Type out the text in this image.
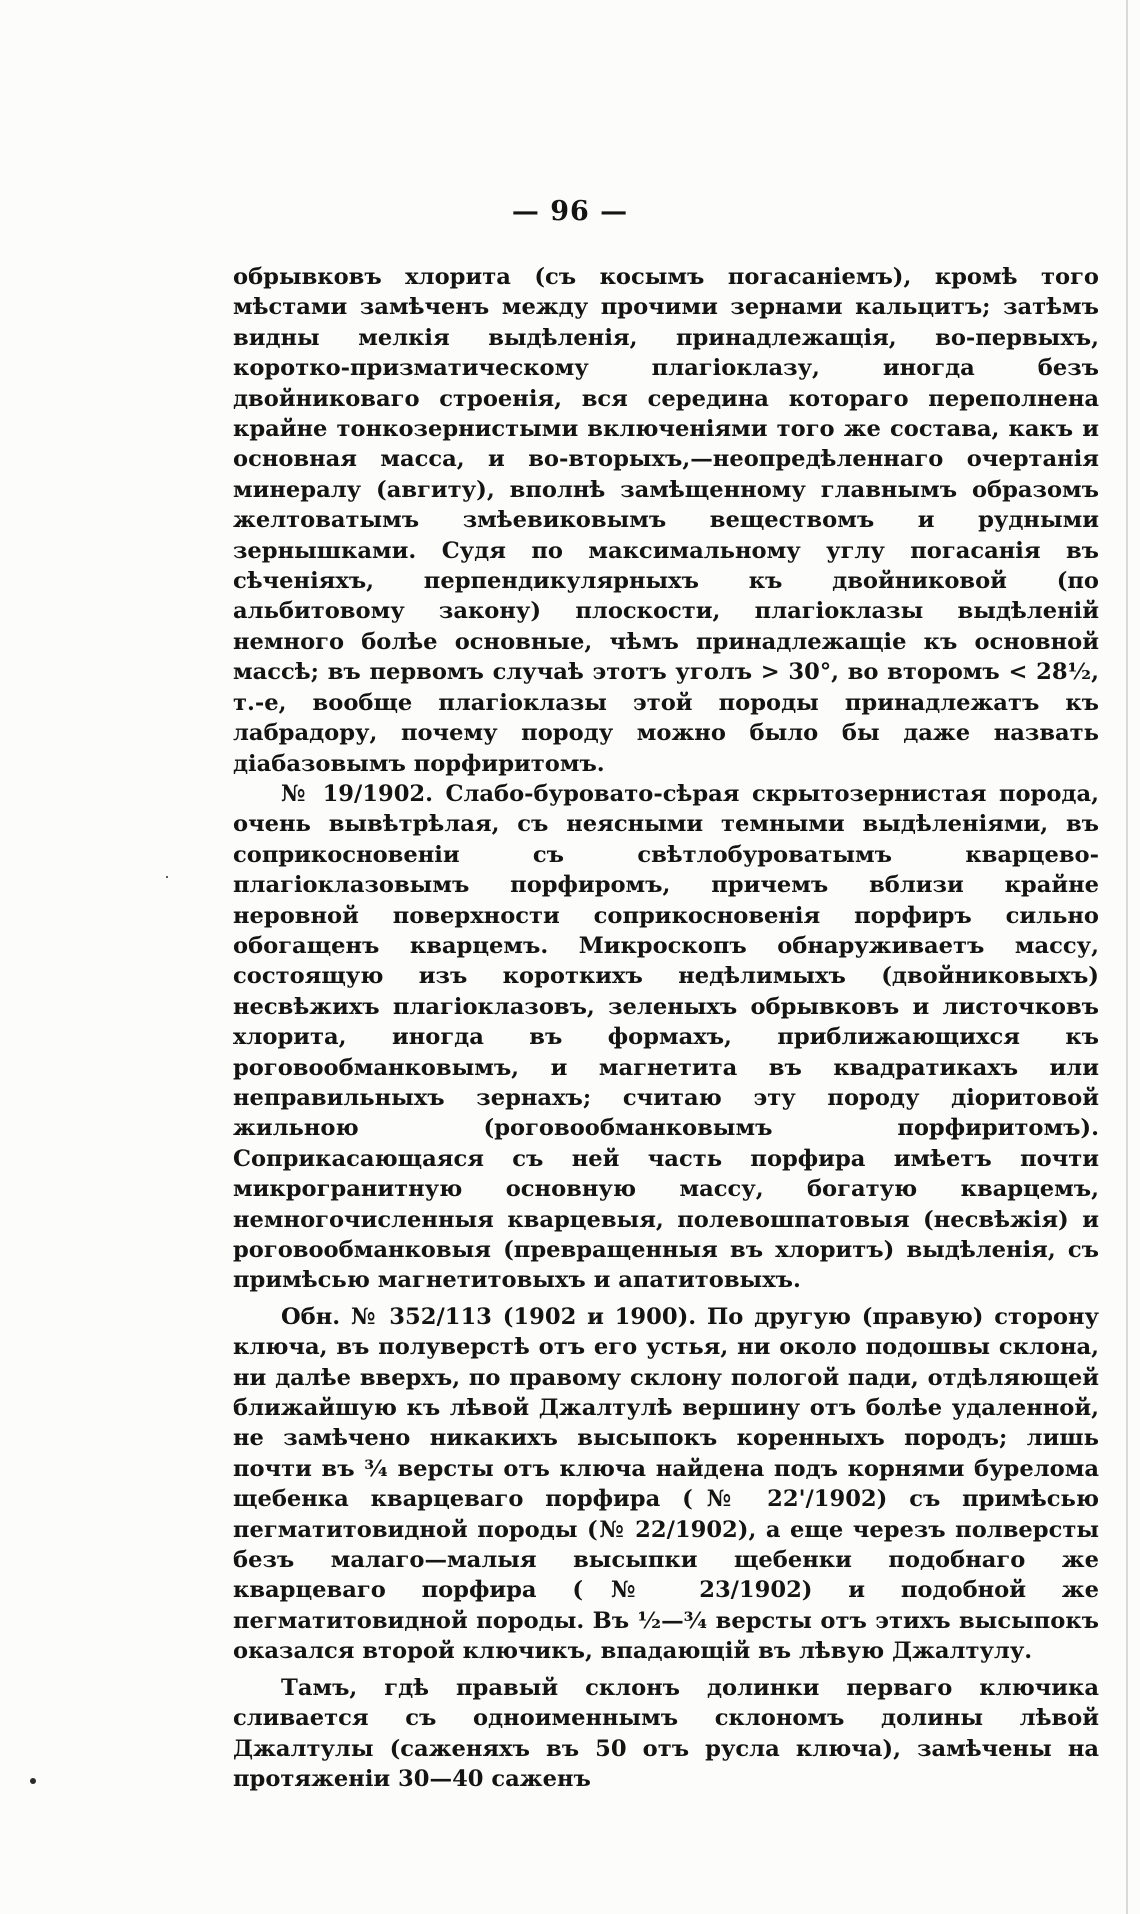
— 96 —

обрывковъ хлорита (съ косымъ погасаніемъ), кромѣ того мѣстами замѣченъ между прочими зернами кальцитъ; затѣмъ видны мелкія выдѣленія, принадлежащія, во-первыхъ, коротко-призматическому плагіоклазу, иногда безъ двойниковаго строенія, вся середина котораго переполнена крайне тонкозернистыми включеніями того же состава, какъ и основная масса, и во-вторыхъ,—неопредѣленнаго очертанія минералу (авгиту), вполнѣ замѣщенному главнымъ образомъ желтоватымъ змѣевиковымъ веществомъ и рудными зернышками. Судя по максимальному углу погасанія въ сѣченіяхъ, перпендикулярныхъ къ двойниковой (по альбитовому закону) плоскости, плагіоклазы выдѣленій немного болѣе основные, чѣмъ принадлежащіе къ основной массѣ; въ первомъ случаѣ этотъ уголъ > 30°, во второмъ < 28½, т.-е, вообще плагіоклазы этой породы принадлежатъ къ лабрадору, почему породу можно было бы даже назвать діабазовымъ порфиритомъ.

№ 19/1902. Слабо-буровато-сѣрая скрытозернистая порода, очень вывѣтрѣлая, съ неясными темными выдѣленіями, въ соприкосновеніи съ свѣтлобуроватымъ кварцево-плагіоклазовымъ порфиромъ, причемъ вблизи крайне неровной поверхности соприкосновенія порфиръ сильно обогащенъ кварцемъ. Микроскопъ обнаруживаетъ массу, состоящую изъ короткихъ недѣлимыхъ (двойниковыхъ) несвѣжихъ плагіоклазовъ, зеленыхъ обрывковъ и листочковъ хлорита, иногда въ формахъ, приближающихся къ роговообманковымъ, и магнетита въ квадратикахъ или неправильныхъ зернахъ; считаю эту породу діоритовой жильною (роговообманковымъ порфиритомъ). Соприкасающаяся съ ней часть порфира имѣетъ почти микрогранитную основную массу, богатую кварцемъ, немногочисленныя кварцевыя, полевошпатовыя (несвѣжія) и роговообманковыя (превращенныя въ хлоритъ) выдѣленія, съ примѣсью магнетитовыхъ и апатитовыхъ.

Обн. № 352/113 (1902 и 1900). По другую (правую) сторону ключа, въ полуверстѣ отъ его устья, ни около подошвы склона, ни далѣе вверхъ, по правому склону пологой пади, отдѣляющей ближайшую къ лѣвой Джалтулѣ вершину отъ болѣе удаленной, не замѣчено никакихъ высыпокъ коренныхъ породъ; лишь почти въ ¾ версты отъ ключа найдена подъ корнями бурелома щебенка кварцеваго порфира (№ 22'/1902) съ примѣсью пегматитовидной породы (№ 22/1902), а еще черезъ полверсты безъ малаго—малыя высыпки щебенки подобнаго же кварцеваго порфира (№ 23/1902) и подобной же пегматитовидной породы. Въ ½—¾ версты отъ этихъ высыпокъ оказался второй ключикъ, впадающій въ лѣвую Джалтулу.

Тамъ, гдѣ правый склонъ долинки перваго ключика сливается съ одноименнымъ склономъ долины лѣвой Джалтулы (саженяхъ въ 50 отъ русла ключа), замѣчены на протяженіи 30—40 саженъ
